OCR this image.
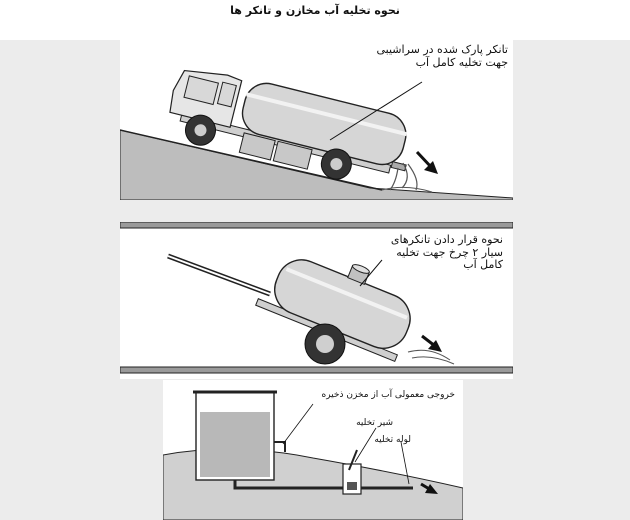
نحوه تخلیه آب مخازن و تانکر ها
تانکر پارک شده در سراشیبی
جهت تخلیه کامل آب
نحوه قرار دادن تانکرهای
سیار ۲ چرخ جهت تخلیه
کامل آب
خروجی معمولی آب از مخزن ذخیره
شیر تخلیه
لوله تخلیه
